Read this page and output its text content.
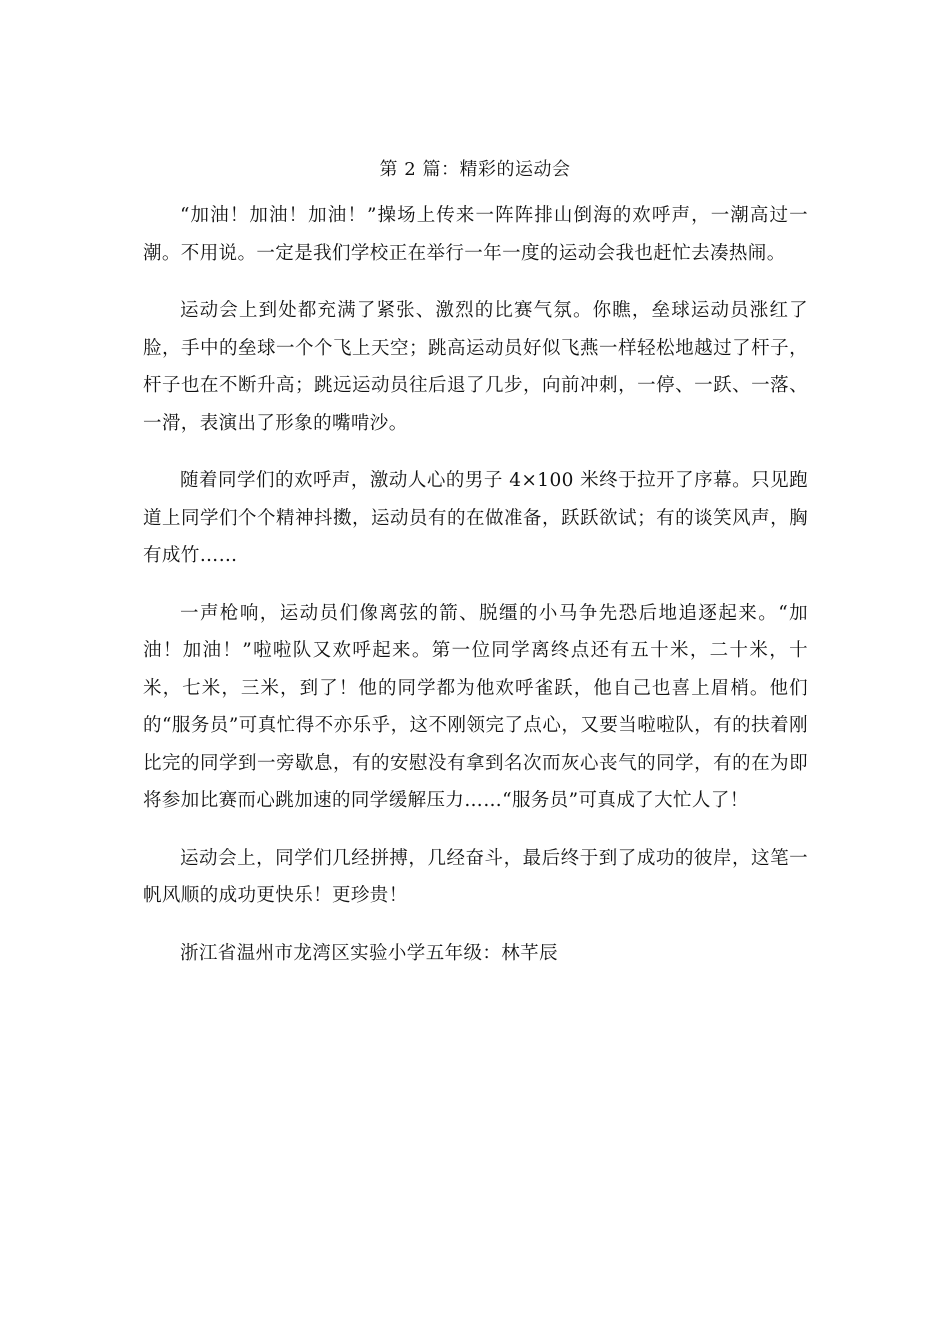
第 2 篇：精彩的运动会

“加油！加油！加油！”操场上传来一阵阵排山倒海的欢呼声，一潮高过一潮。不用说。一定是我们学校正在举行一年一度的运动会我也赶忙去凑热闹。

运动会上到处都充满了紧张、激烈的比赛气氛。你瞧，垒球运动员涨红了脸，手中的垒球一个个飞上天空；跳高运动员好似飞燕一样轻松地越过了杆子，杆子也在不断升高；跳远运动员往后退了几步，向前冲刺，一停、一跃、一落、一滑，表演出了形象的嘴啃沙。

随着同学们的欢呼声，激动人心的男子 4×100 米终于拉开了序幕。只见跑道上同学们个个精神抖擞，运动员有的在做准备，跃跃欲试；有的谈笑风声，胸有成竹……

一声枪响，运动员们像离弦的箭、脱缰的小马争先恐后地追逐起来。“加油！加油！”啦啦队又欢呼起来。第一位同学离终点还有五十米，二十米，十米，七米，三米，到了！他的同学都为他欢呼雀跃，他自己也喜上眉梢。他们的“服务员”可真忙得不亦乐乎，这不刚领完了点心，又要当啦啦队，有的扶着刚比完的同学到一旁歇息，有的安慰没有拿到名次而灰心丧气的同学，有的在为即将参加比赛而心跳加速的同学缓解压力……“服务员”可真成了大忙人了！

运动会上，同学们几经拼搏，几经奋斗，最后终于到了成功的彼岸，这笔一帆风顺的成功更快乐！更珍贵！

浙江省温州市龙湾区实验小学五年级：林芊辰
